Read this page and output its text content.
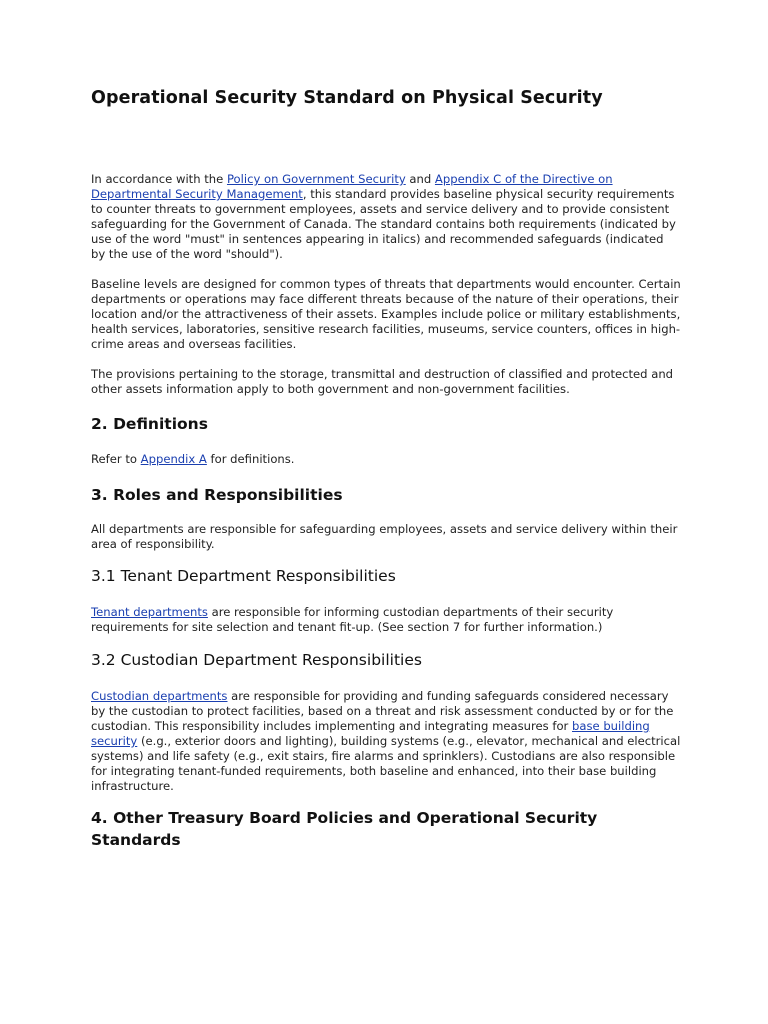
Operational Security Standard on Physical Security

In accordance with the Policy on Government Security and Appendix C of the Directive on Departmental Security Management, this standard provides baseline physical security requirements to counter threats to government employees, assets and service delivery and to provide consistent safeguarding for the Government of Canada. The standard contains both requirements (indicated by use of the word "must" in sentences appearing in italics) and recommended safeguards (indicated by the use of the word "should").

Baseline levels are designed for common types of threats that departments would encounter. Certain departments or operations may face different threats because of the nature of their operations, their location and/or the attractiveness of their assets. Examples include police or military establishments, health services, laboratories, sensitive research facilities, museums, service counters, offices in high-crime areas and overseas facilities.

The provisions pertaining to the storage, transmittal and destruction of classified and protected and other assets information apply to both government and non-government facilities.

2. Definitions

Refer to Appendix A for definitions.

3. Roles and Responsibilities

All departments are responsible for safeguarding employees, assets and service delivery within their area of responsibility.

3.1 Tenant Department Responsibilities

Tenant departments are responsible for informing custodian departments of their security requirements for site selection and tenant fit-up. (See section 7 for further information.)

3.2 Custodian Department Responsibilities

Custodian departments are responsible for providing and funding safeguards considered necessary by the custodian to protect facilities, based on a threat and risk assessment conducted by or for the custodian. This responsibility includes implementing and integrating measures for base building security (e.g., exterior doors and lighting), building systems (e.g., elevator, mechanical and electrical systems) and life safety (e.g., exit stairs, fire alarms and sprinklers). Custodians are also responsible for integrating tenant-funded requirements, both baseline and enhanced, into their base building infrastructure.

4. Other Treasury Board Policies and Operational Security Standards
